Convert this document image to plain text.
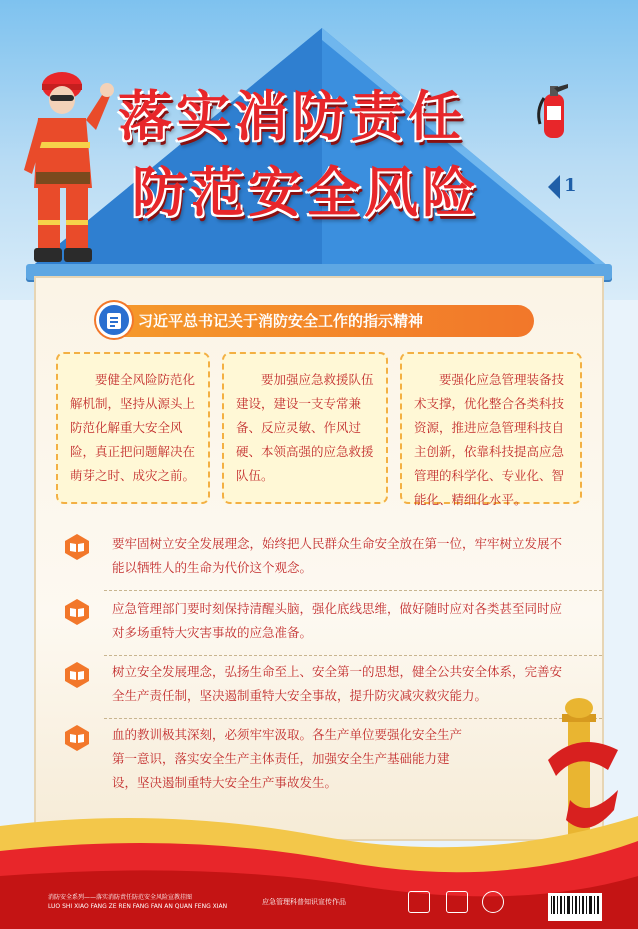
落实消防责任
防范安全风险	1
习近平总书记关于消防安全工作的指示精神

要健全风险防范化解机制，坚持从源头上防范化解重大安全风险，真正把问题解决在萌芽之时、成灾之前。

要加强应急救援队伍建设，建设一支专常兼备、反应灵敏、作风过硬、本领高强的应急救援队伍。

要强化应急管理装备技术支撑，优化整合各类科技资源，推进应急管理科技自主创新，依靠科技提高应急管理的科学化、专业化、智能化、精细化水平。

要牢固树立安全发展理念，始终把人民群众生命安全放在第一位，牢牢树立发展不能以牺牲人的生命为代价这个观念。
应急管理部门要时刻保持清醒头脑，强化底线思维，做好随时应对各类甚至同时应对多场重特大灾害事故的应急准备。
树立安全发展理念，弘扬生命至上、安全第一的思想，健全公共安全体系，完善安全生产责任制，坚决遏制重特大安全事故，提升防灾减灾救灾能力。
血的教训极其深刻，必须牢牢汲取。各生产单位要强化安全生产第一意识，落实安全生产主体责任，加强安全生产基础能力建设，坚决遏制重特大安全生产事故发生。
消防安全系列——落实消防责任防范安全风险宣教挂图
LUO SHI XIAO FANG ZE REN FANG FAN AN QUAN FENG XIAN
应急管理科普知识宣传作品
